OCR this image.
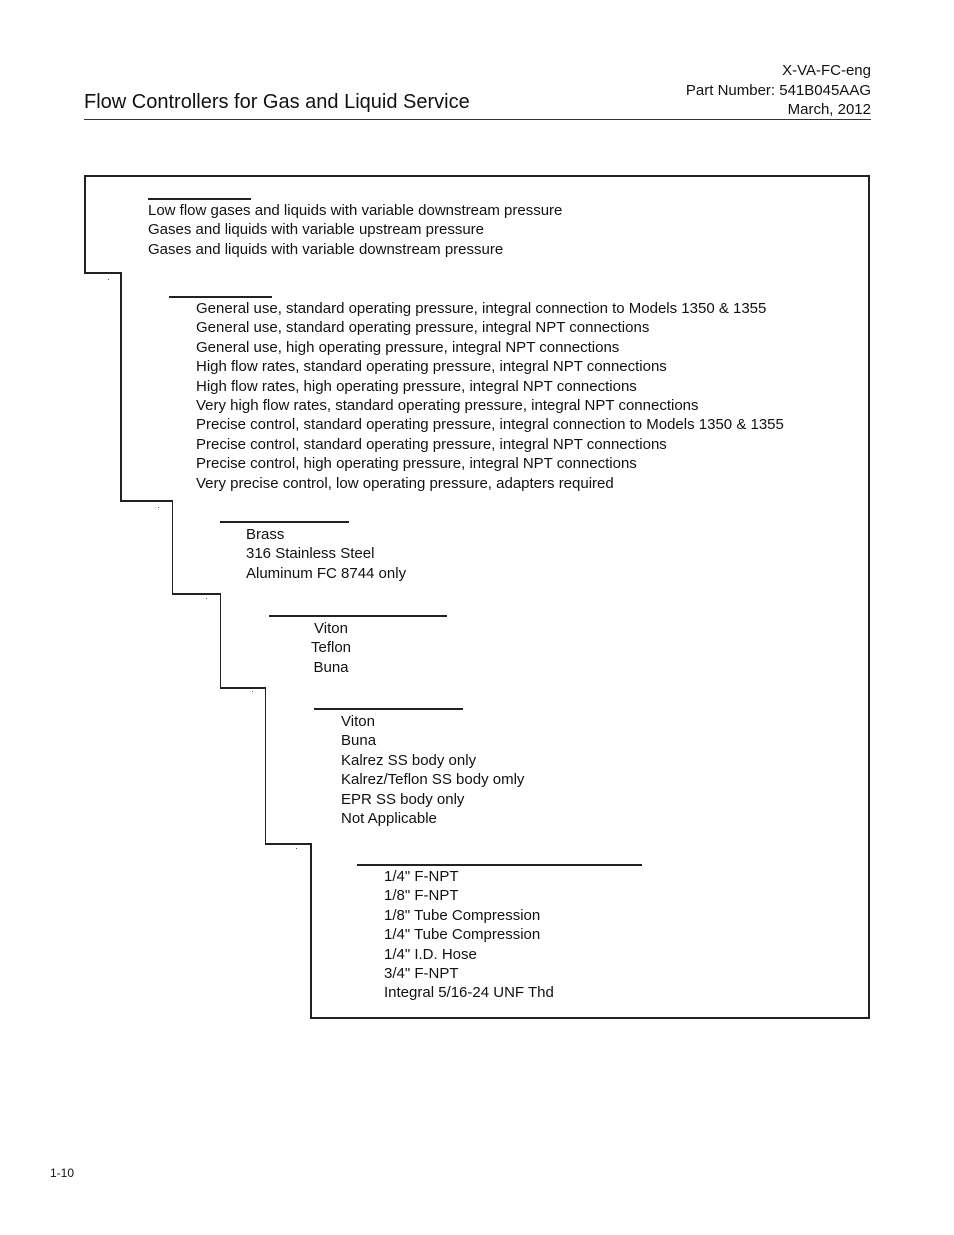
X-VA-FC-eng
Part Number: 541B045AAG
March, 2012
Flow Controllers for Gas and Liquid Service
Low flow gases and liquids with variable downstream pressure
Gases and liquids with variable upstream pressure
Gases and liquids with variable downstream pressure
General use, standard operating pressure, integral connection to Models 1350 & 1355
General use, standard operating pressure, integral NPT connections
General use, high operating pressure, integral NPT connections
High flow rates, standard operating pressure, integral NPT connections
High flow rates, high operating pressure, integral NPT connections
Very high flow rates, standard operating pressure, integral NPT connections
Precise control, standard operating pressure, integral connection to Models 1350 & 1355
Precise control, standard operating pressure, integral NPT connections
Precise control, high operating pressure, integral NPT connections
Very precise control, low operating pressure, adapters required
Brass
316 Stainless Steel
Aluminum FC 8744 only
Viton
Teflon
Buna
Viton
Buna
Kalrez SS body only
Kalrez/Teflon SS body omly
EPR SS body only
Not Applicable
1/4" F-NPT
1/8" F-NPT
1/8" Tube Compression
1/4" Tube Compression
1/4" I.D. Hose
3/4" F-NPT
Integral 5/16-24 UNF Thd
1-10
